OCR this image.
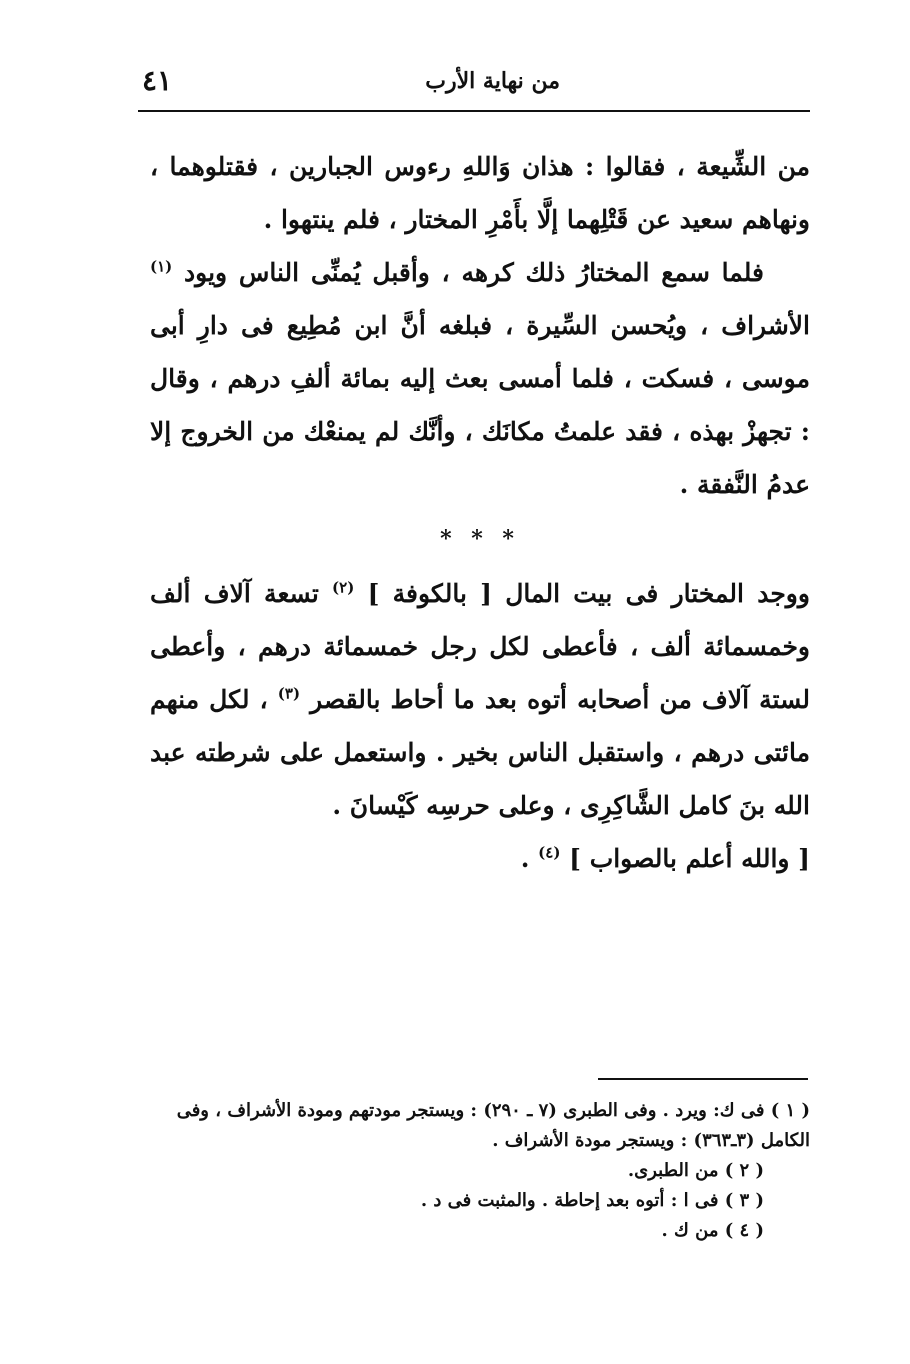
من نهاية الأرب
٤١

من الشِّيعة ، فقالوا : هذان وَاللهِ رءوس الجبارين ، فقتلوهما ، ونهاهم سعيد عن قَتْلِهما إلَّا بأَمْرِ المختار ، فلم ينتهوا .

فلما سمع المختارُ ذلك كرهه ، وأقبل يُمنِّى الناس ويود $^{(١)}$ الأشراف ، ويُحسن السِّيرة ، فبلغه أنَّ ابن مُطِيع فى دارِ أبى موسى ، فسكت ، فلما أمسى بعث إليه بمائة ألفِ درهم ، وقال : تجهزْ بهذه ، فقد علمتُ مكانَك ، وأنَّك لم يمنعْك من الخروج إلا عدمُ النَّفقة .

* * *

ووجد المختار فى بيت المال [ بالكوفة ] $^{(٢)}$ تسعة آلاف ألف وخمسمائة ألف ، فأعطى لكل رجل خمسمائة درهم ، وأعطى لستة آلاف من أصحابه أتوه بعد ما أحاط بالقصر $^{(٣)}$ ، لكل منهم مائتى درهم ، واستقبل الناس بخير . واستعمل على شرطته عبد الله بنَ كامل الشَّاكِرِى ، وعلى حرسِه كَيْسانَ .

[ والله أعلم بالصواب ] $^{(٤)}$ .

( ١ ) فى ك: ويرد . وفى الطبرى (٧ ـ ٢٩٠) : ويستجر مودتهم ومودة الأشراف ، وفى الكامل (٣ـ٣٦٣) : ويستجر مودة الأشراف .

( ٢ ) من الطبرى.

( ٣ ) فى ا : أتوه بعد إحاطة . والمثبت فى د .

( ٤ ) من ك .
